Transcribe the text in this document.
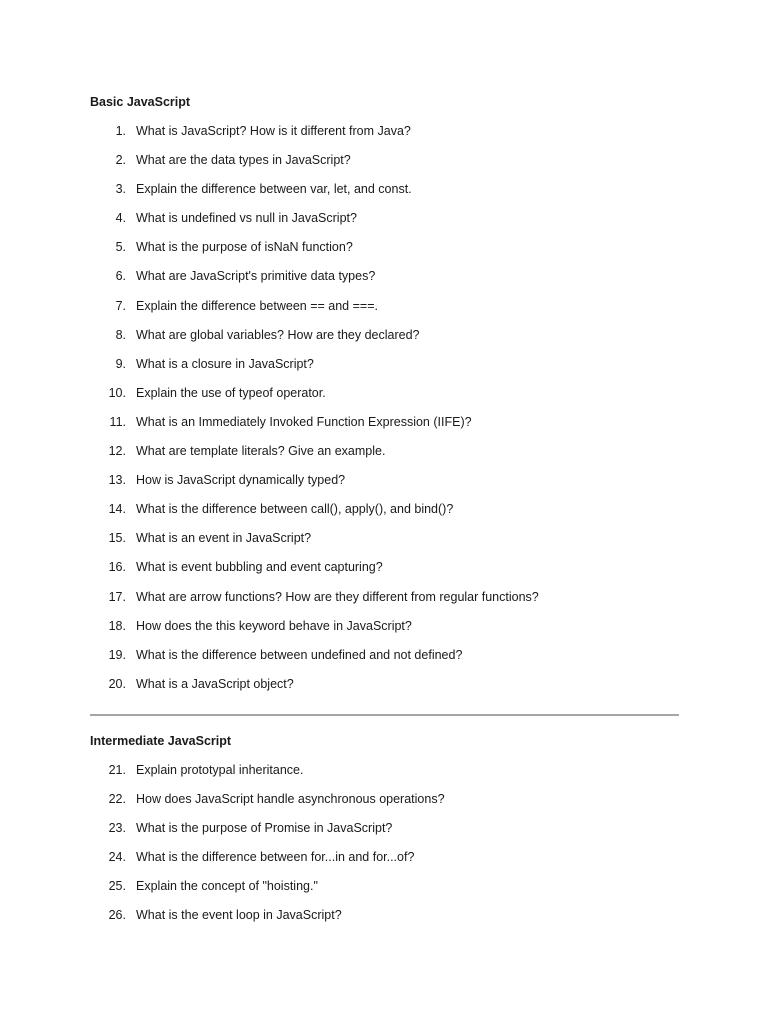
Basic JavaScript
1. What is JavaScript? How is it different from Java?
2. What are the data types in JavaScript?
3. Explain the difference between var, let, and const.
4. What is undefined vs null in JavaScript?
5. What is the purpose of isNaN function?
6. What are JavaScript's primitive data types?
7. Explain the difference between == and ===.
8. What are global variables? How are they declared?
9. What is a closure in JavaScript?
10. Explain the use of typeof operator.
11. What is an Immediately Invoked Function Expression (IIFE)?
12. What are template literals? Give an example.
13. How is JavaScript dynamically typed?
14. What is the difference between call(), apply(), and bind()?
15. What is an event in JavaScript?
16. What is event bubbling and event capturing?
17. What are arrow functions? How are they different from regular functions?
18. How does the this keyword behave in JavaScript?
19. What is the difference between undefined and not defined?
20. What is a JavaScript object?
Intermediate JavaScript
21. Explain prototypal inheritance.
22. How does JavaScript handle asynchronous operations?
23. What is the purpose of Promise in JavaScript?
24. What is the difference between for...in and for...of?
25. Explain the concept of "hoisting."
26. What is the event loop in JavaScript?
